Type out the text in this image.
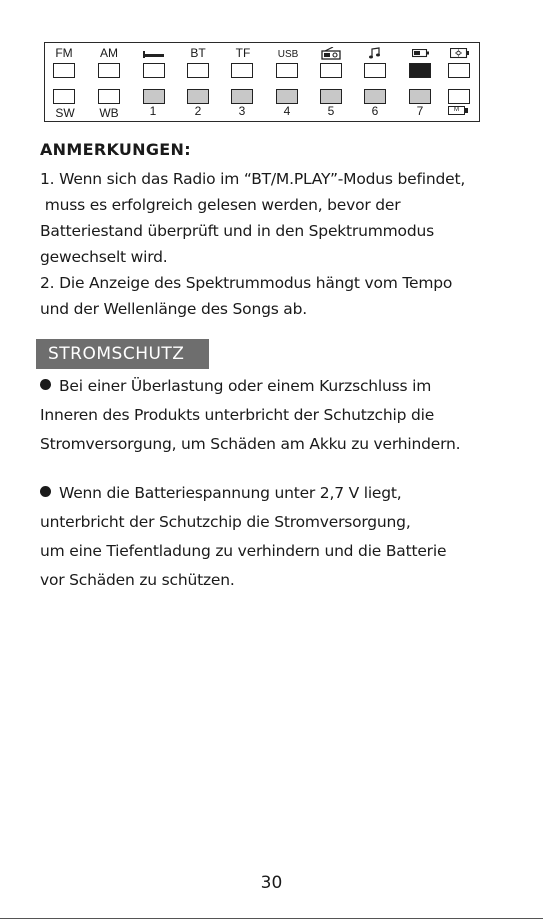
FM	AM	BT	TF	USB
SW	WB	1	2	3	4	5	6	7	M
ANMERKUNGEN:

1. Wenn sich das Radio im “BT/M.PLAY”-Modus befindet,
muss es erfolgreich gelesen werden, bevor der
Batteriestand überprüft und in den Spektrummodus
gewechselt wird.

2. Die Anzeige des Spektrummodus hängt vom Tempo
und der Wellenlänge des Songs ab.

STROMSCHUTZ

Bei einer Überlastung oder einem Kurzschluss im
Inneren des Produkts unterbricht der Schutzchip die
Stromversorgung, um Schäden am Akku zu verhindern.

Wenn die Batteriespannung unter 2,7 V liegt,
unterbricht der Schutzchip die Stromversorgung,
um eine Tiefentladung zu verhindern und die Batterie
vor Schäden zu schützen.

30
